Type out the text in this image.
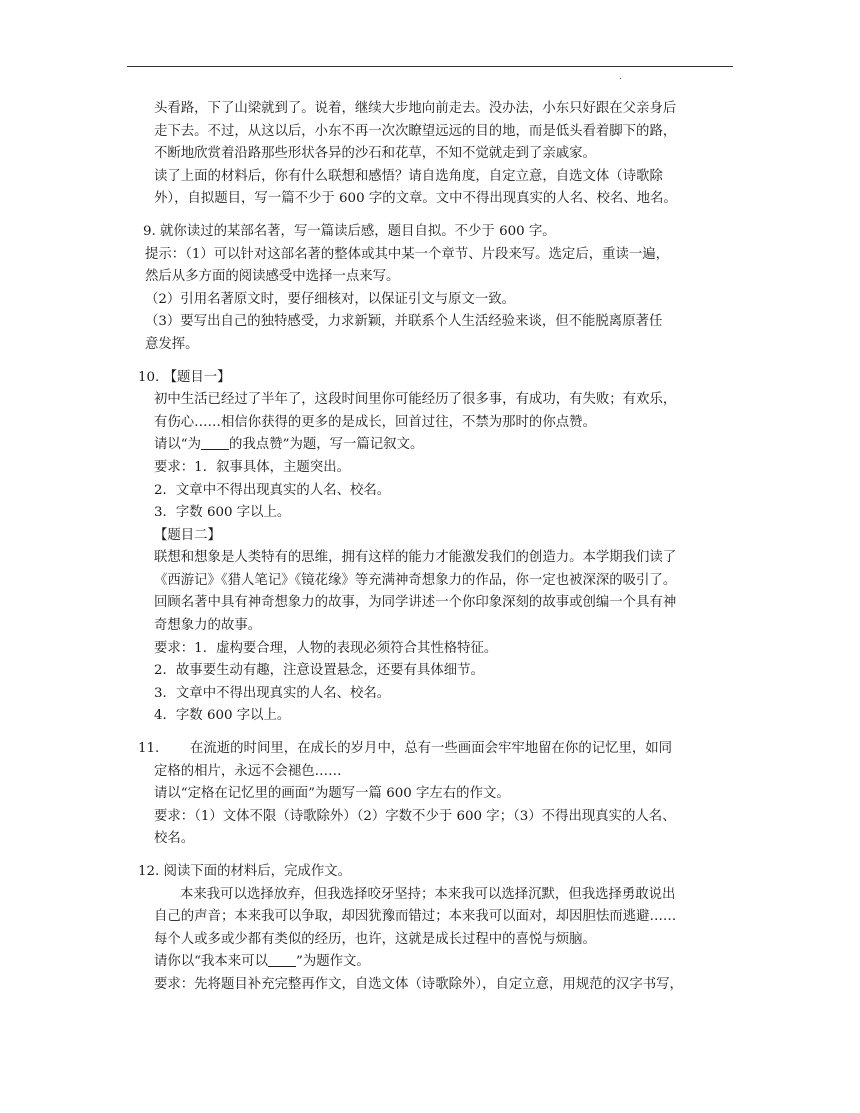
.
头看路，下了山梁就到了。说着，继续大步地向前走去。没办法，小东只好跟在父亲身后
走下去。不过，从这以后，小东不再一次次瞭望远远的目的地，而是低头看着脚下的路，
不断地欣赏着沿路那些形状各异的沙石和花草，不知不觉就走到了亲戚家。
读了上面的材料后，你有什么联想和感悟？请自选角度，自定立意，自选文体（诗歌除
外），自拟题目，写一篇不少于 600 字的文章。文中不得出现真实的人名、校名、地名。
9. 就你读过的某部名著，写一篇读后感，题目自拟。不少于 600 字。
提示：（1）可以针对这部名著的整体或其中某一个章节、片段来写。选定后，重读一遍，
然后从多方面的阅读感受中选择一点来写。
（2）引用名著原文时，要仔细核对，以保证引文与原文一致。
（3）要写出自己的独特感受，力求新颖，并联系个人生活经验来谈，但不能脱离原著任
意发挥。
10. 【题目一】
初中生活已经过了半年了，这段时间里你可能经历了很多事，有成功，有失败；有欢乐，
有伤心……相信你获得的更多的是成长，回首过往，不禁为那时的你点赞。
请以“为 的我点赞”为题，写一篇记叙文。
要求：1．叙事具体，主题突出。
2．文章中不得出现真实的人名、校名。
3．字数 600 字以上。
【题目二】
联想和想象是人类特有的思维，拥有这样的能力才能激发我们的创造力。本学期我们读了
《西游记》《猎人笔记》《镜花缘》等充满神奇想象力的作品，你一定也被深深的吸引了。
回顾名著中具有神奇想象力的故事，为同学讲述一个你印象深刻的故事或创编一个具有神
奇想象力的故事。
要求：1．虚构要合理，人物的表现必须符合其性格特征。
2．故事要生动有趣，注意设置悬念，还要有具体细节。
3．文章中不得出现真实的人名、校名。
4．字数 600 字以上。
11. 在流逝的时间里，在成长的岁月中，总有一些画面会牢牢地留在你的记忆里，如同
定格的相片，永远不会褪色……
请以“定格在记忆里的画面”为题写一篇 600 字左右的作文。
要求：（1）文体不限（诗歌除外）（2）字数不少于 600 字；（3）不得出现真实的人名、
校名。
12. 阅读下面的材料后，完成作文。
本来我可以选择放弃，但我选择咬牙坚持；本来我可以选择沉默，但我选择勇敢说出
自己的声音；本来我可以争取，却因犹豫而错过；本来我可以面对，却因胆怯而逃避……
每个人或多或少都有类似的经历，也许，这就是成长过程中的喜悦与烦脑。
请你以“我本来可以 ”为题作文。
要求：先将题目补充完整再作文，自选文体（诗歌除外），自定立意，用规范的汉字书写，
